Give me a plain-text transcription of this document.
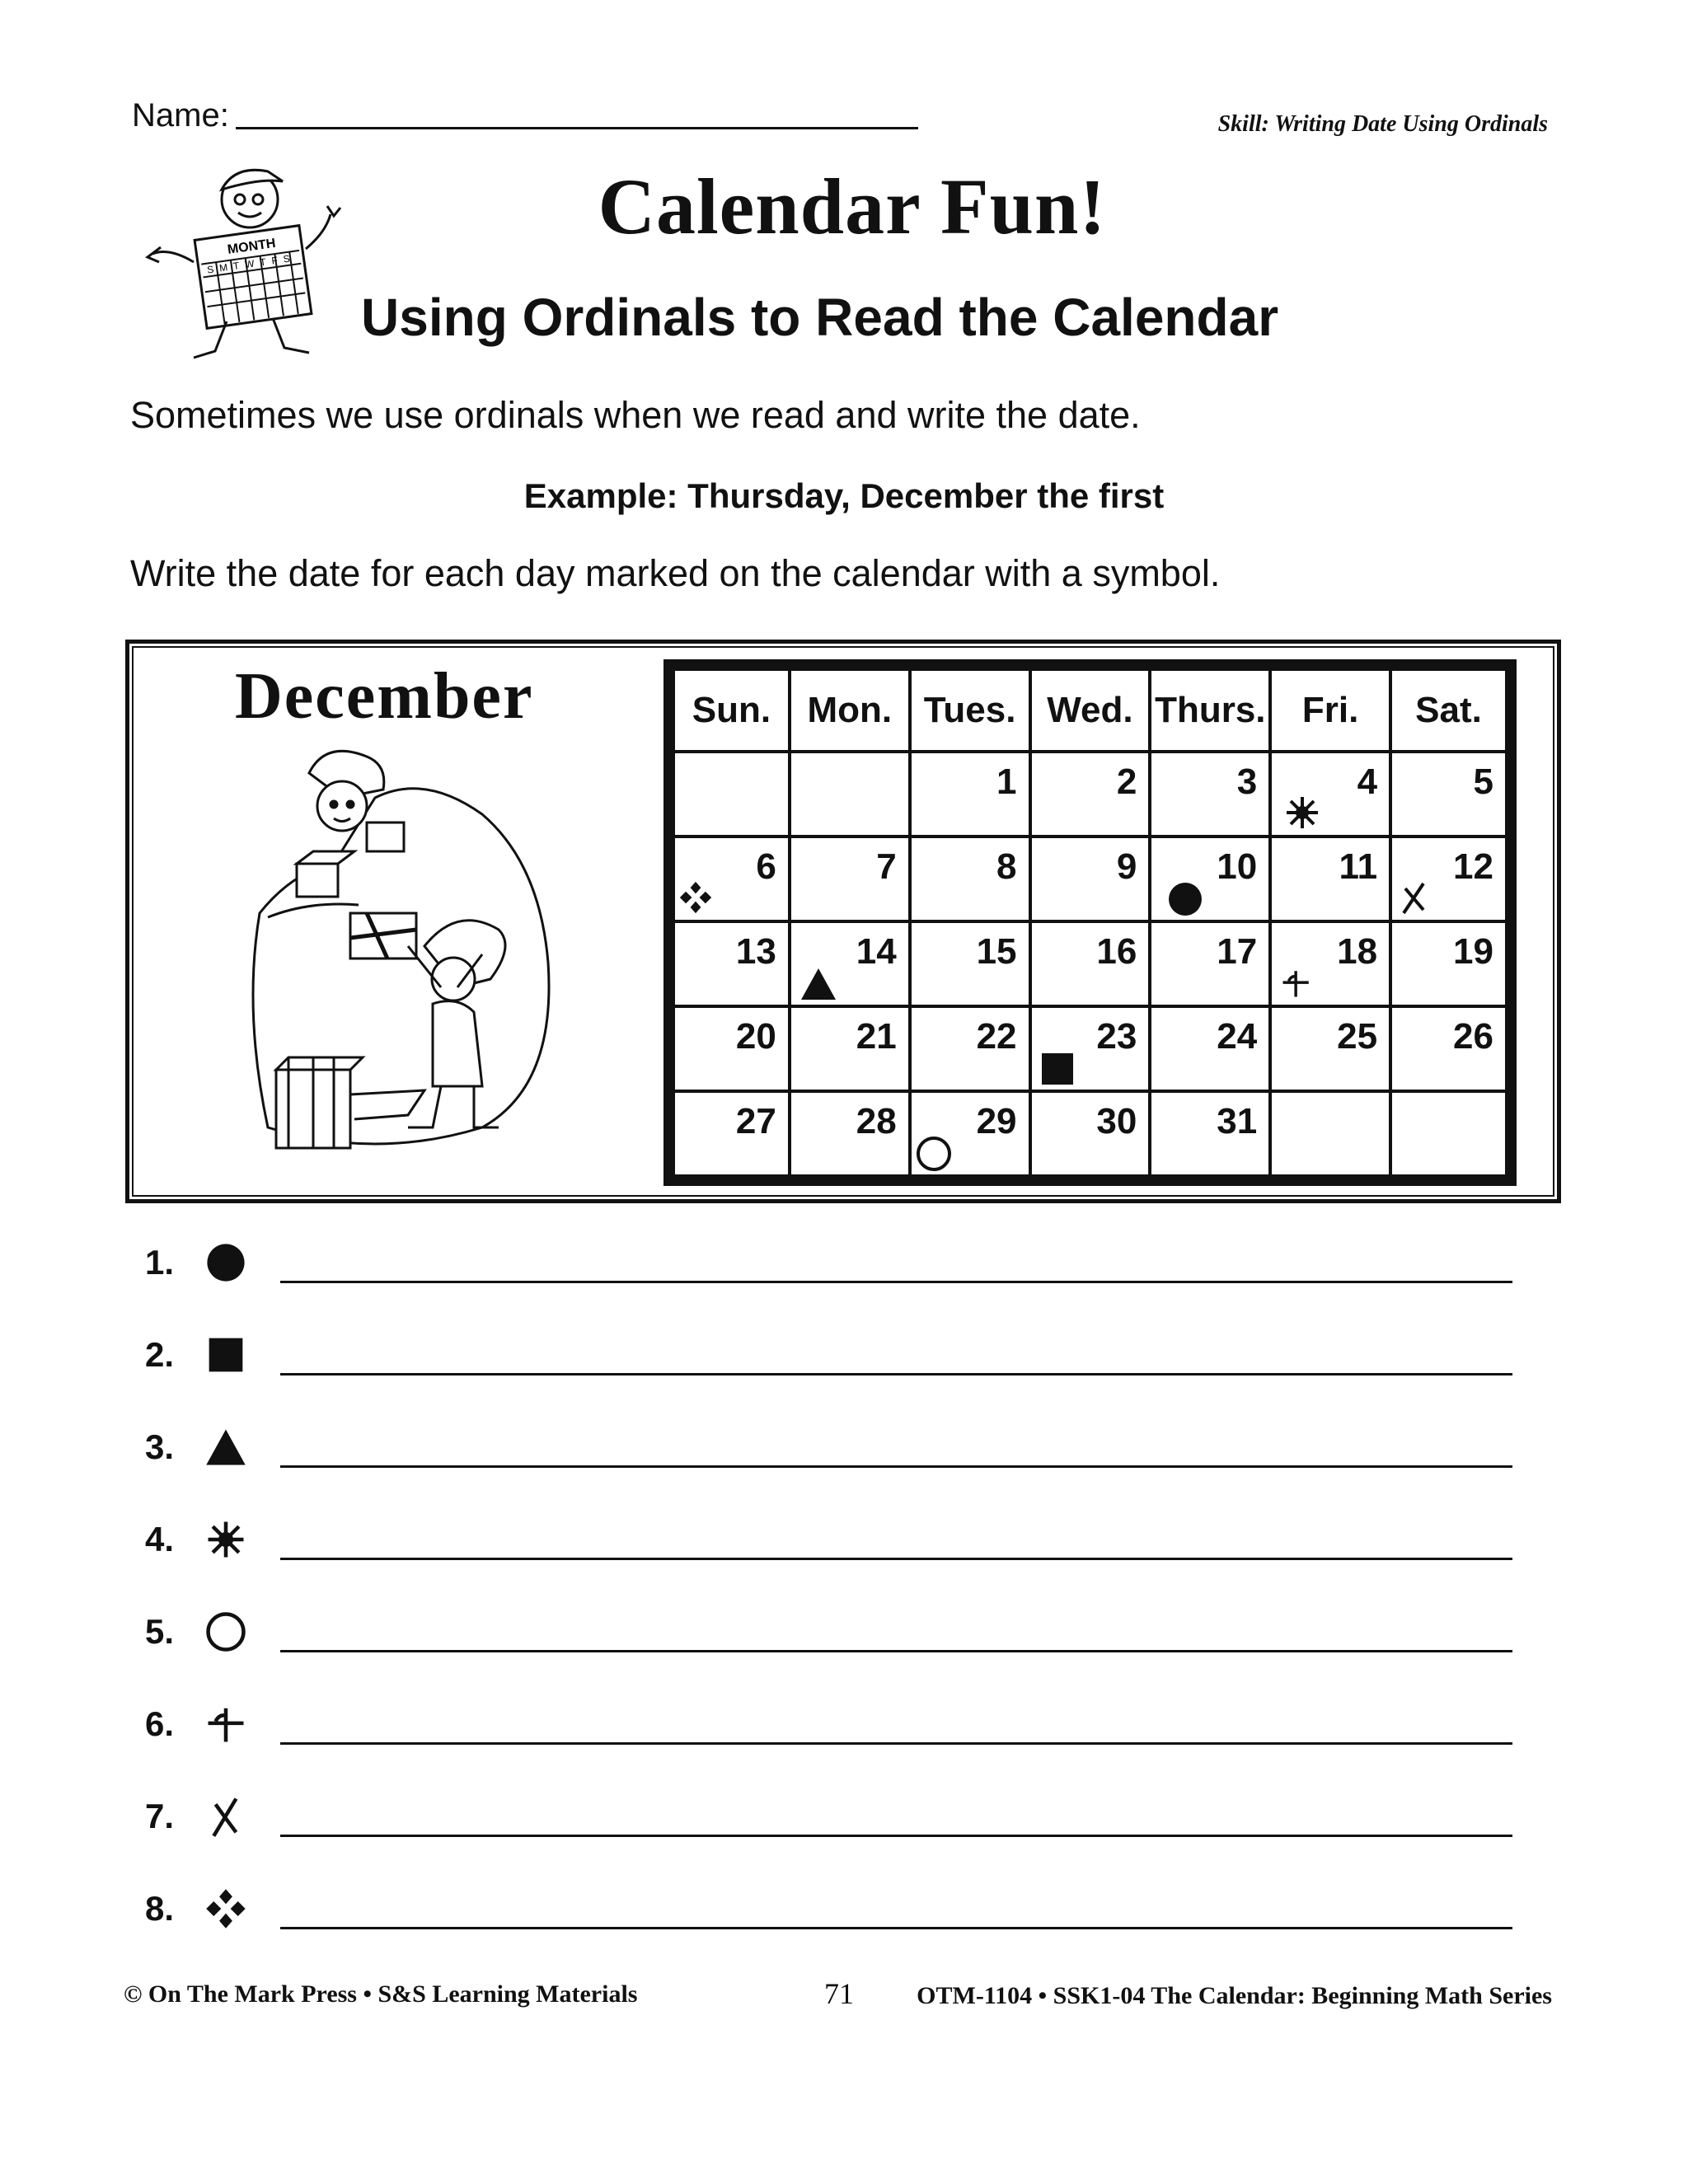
Name:	Skill: Writing Date Using Ordinals
MONTH
SMTWTFS
Calendar Fun!
Using Ordinals to Read the Calendar
Sometimes we use ordinals when we read and write the date.
Example: Thursday, December the first
Write the date for each day marked on the calendar with a symbol.
December	Sun.	Mon.	Tues.	Wed.	Thurs.	Fri.	Sat.

		1	2	3	4	5

6	7	8	9	10	11	12

13	14	15	16	17	18	19

20	21	22	23	24	25	26

27	28	29	30	31		

1.
2.
3.
4.
5.
6.
7.
8.
© On The Mark Press • S&S Learning Materials	71	OTM-1104 • SSK1-04 The Calendar: Beginning Math Series
